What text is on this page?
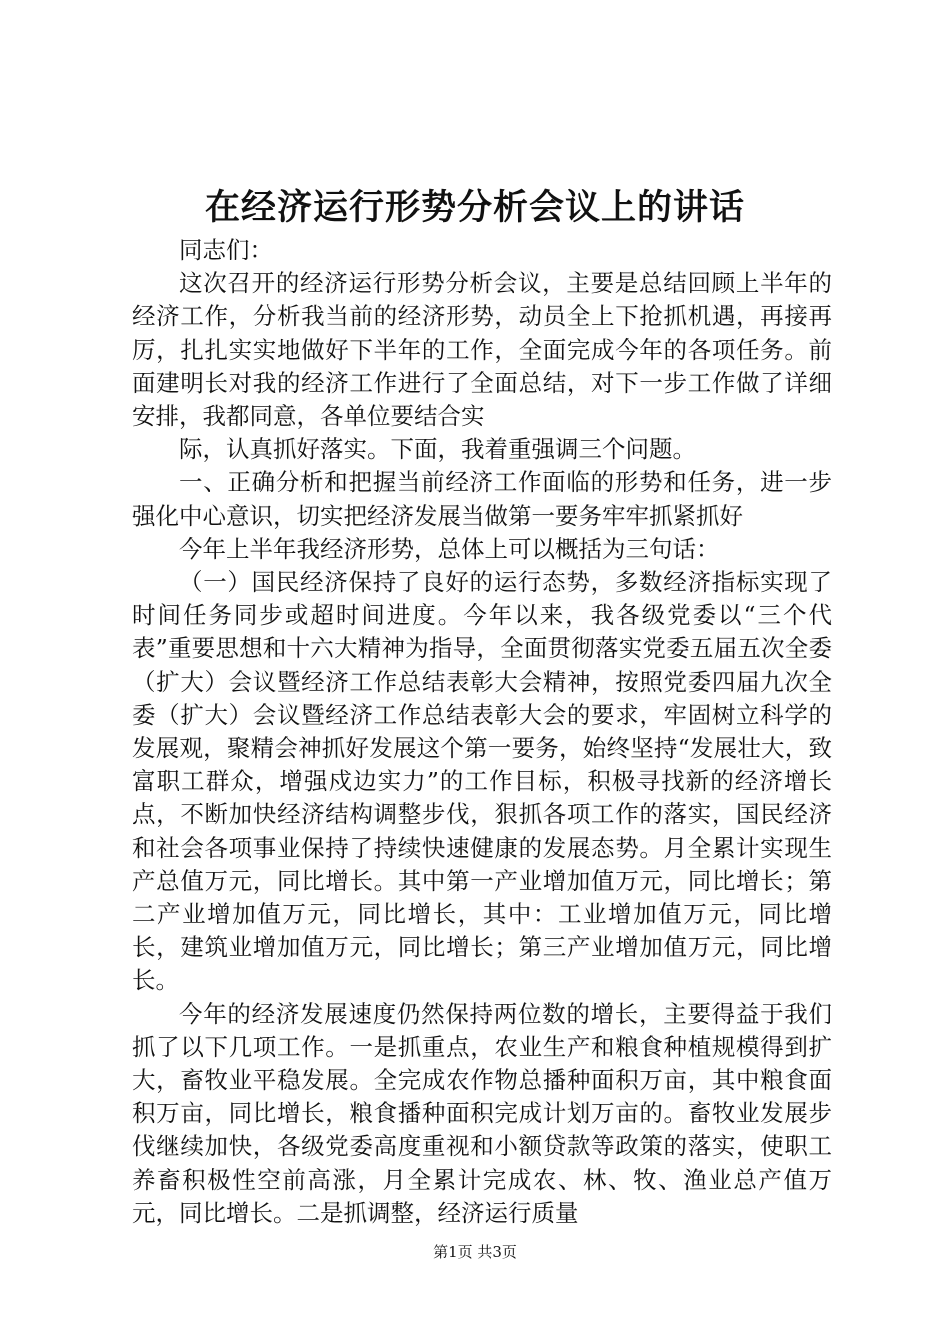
在经济运行形势分析会议上的讲话

同志们：

这次召开的经济运行形势分析会议，主要是总结回顾上半年的经济工作，分析我当前的经济形势，动员全上下抢抓机遇，再接再厉，扎扎实实地做好下半年的工作，全面完成今年的各项任务。前面建明长对我的经济工作进行了全面总结，对下一步工作做了详细安排，我都同意，各单位要结合实

际，认真抓好落实。下面，我着重强调三个问题。

一、正确分析和把握当前经济工作面临的形势和任务，进一步强化中心意识，切实把经济发展当做第一要务牢牢抓紧抓好

今年上半年我经济形势，总体上可以概括为三句话：

（一）国民经济保持了良好的运行态势，多数经济指标实现了时间任务同步或超时间进度。今年以来，我各级党委以“三个代表”重要思想和十六大精神为指导，全面贯彻落实党委五届五次全委（扩大）会议暨经济工作总结表彰大会精神，按照党委四届九次全委（扩大）会议暨经济工作总结表彰大会的要求，牢固树立科学的发展观，聚精会神抓好发展这个第一要务，始终坚持“发展壮大，致富职工群众，增强戍边实力”的工作目标，积极寻找新的经济增长点，不断加快经济结构调整步伐，狠抓各项工作的落实，国民经济和社会各项事业保持了持续快速健康的发展态势。月全累计实现生产总值万元，同比增长。其中第一产业增加值万元，同比增长；第二产业增加值万元，同比增长，其中：工业增加值万元，同比增长，建筑业增加值万元，同比增长；第三产业增加值万元，同比增长。

今年的经济发展速度仍然保持两位数的增长，主要得益于我们抓了以下几项工作。一是抓重点，农业生产和粮食种植规模得到扩大，畜牧业平稳发展。全完成农作物总播种面积万亩，其中粮食面积万亩，同比增长，粮食播种面积完成计划万亩的。畜牧业发展步伐继续加快，各级党委高度重视和小额贷款等政策的落实，使职工养畜积极性空前高涨，月全累计完成农、林、牧、渔业总产值万元，同比增长。二是抓调整，经济运行质量

第1页 共3页
